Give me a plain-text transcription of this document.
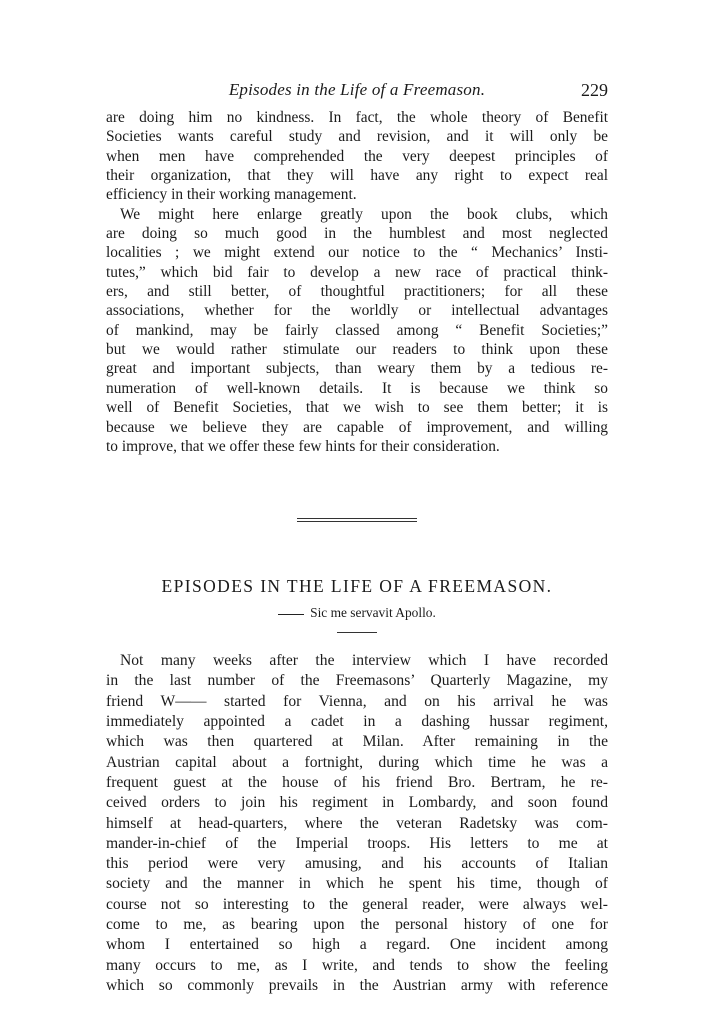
Episodes in the Life of a Freemason.	229
are doing him no kindness. In fact, the whole theory of Benefit
Societies wants careful study and revision, and it will only be
when men have comprehended the very deepest principles of
their organization, that they will have any right to expect real
efficiency in their working management.
We might here enlarge greatly upon the book clubs, which
are doing so much good in the humblest and most neglected
localities ; we might extend our notice to the “ Mechanics’ Insti-
tutes,” which bid fair to develop a new race of practical think-
ers, and still better, of thoughtful practitioners; for all these
associations, whether for the worldly or intellectual advantages
of mankind, may be fairly classed among “ Benefit Societies;”
but we would rather stimulate our readers to think upon these
great and important subjects, than weary them by a tedious re-
numeration of well-known details. It is because we think so
well of Benefit Societies, that we wish to see them better; it is
because we believe they are capable of improvement, and willing
to improve, that we offer these few hints for their consideration.
EPISODES IN THE LIFE OF A FREEMASON.
Sic me servavit Apollo.
Not many weeks after the interview which I have recorded
in the last number of the Freemasons’ Quarterly Magazine, my
friend W—— started for Vienna, and on his arrival he was
immediately appointed a cadet in a dashing hussar regiment,
which was then quartered at Milan. After remaining in the
Austrian capital about a fortnight, during which time he was a
frequent guest at the house of his friend Bro. Bertram, he re-
ceived orders to join his regiment in Lombardy, and soon found
himself at head-quarters, where the veteran Radetsky was com-
mander-in-chief of the Imperial troops. His letters to me at
this period were very amusing, and his accounts of Italian
society and the manner in which he spent his time, though of
course not so interesting to the general reader, were always wel-
come to me, as bearing upon the personal history of one for
whom I entertained so high a regard. One incident among
many occurs to me, as I write, and tends to show the feeling
which so commonly prevails in the Austrian army with reference
